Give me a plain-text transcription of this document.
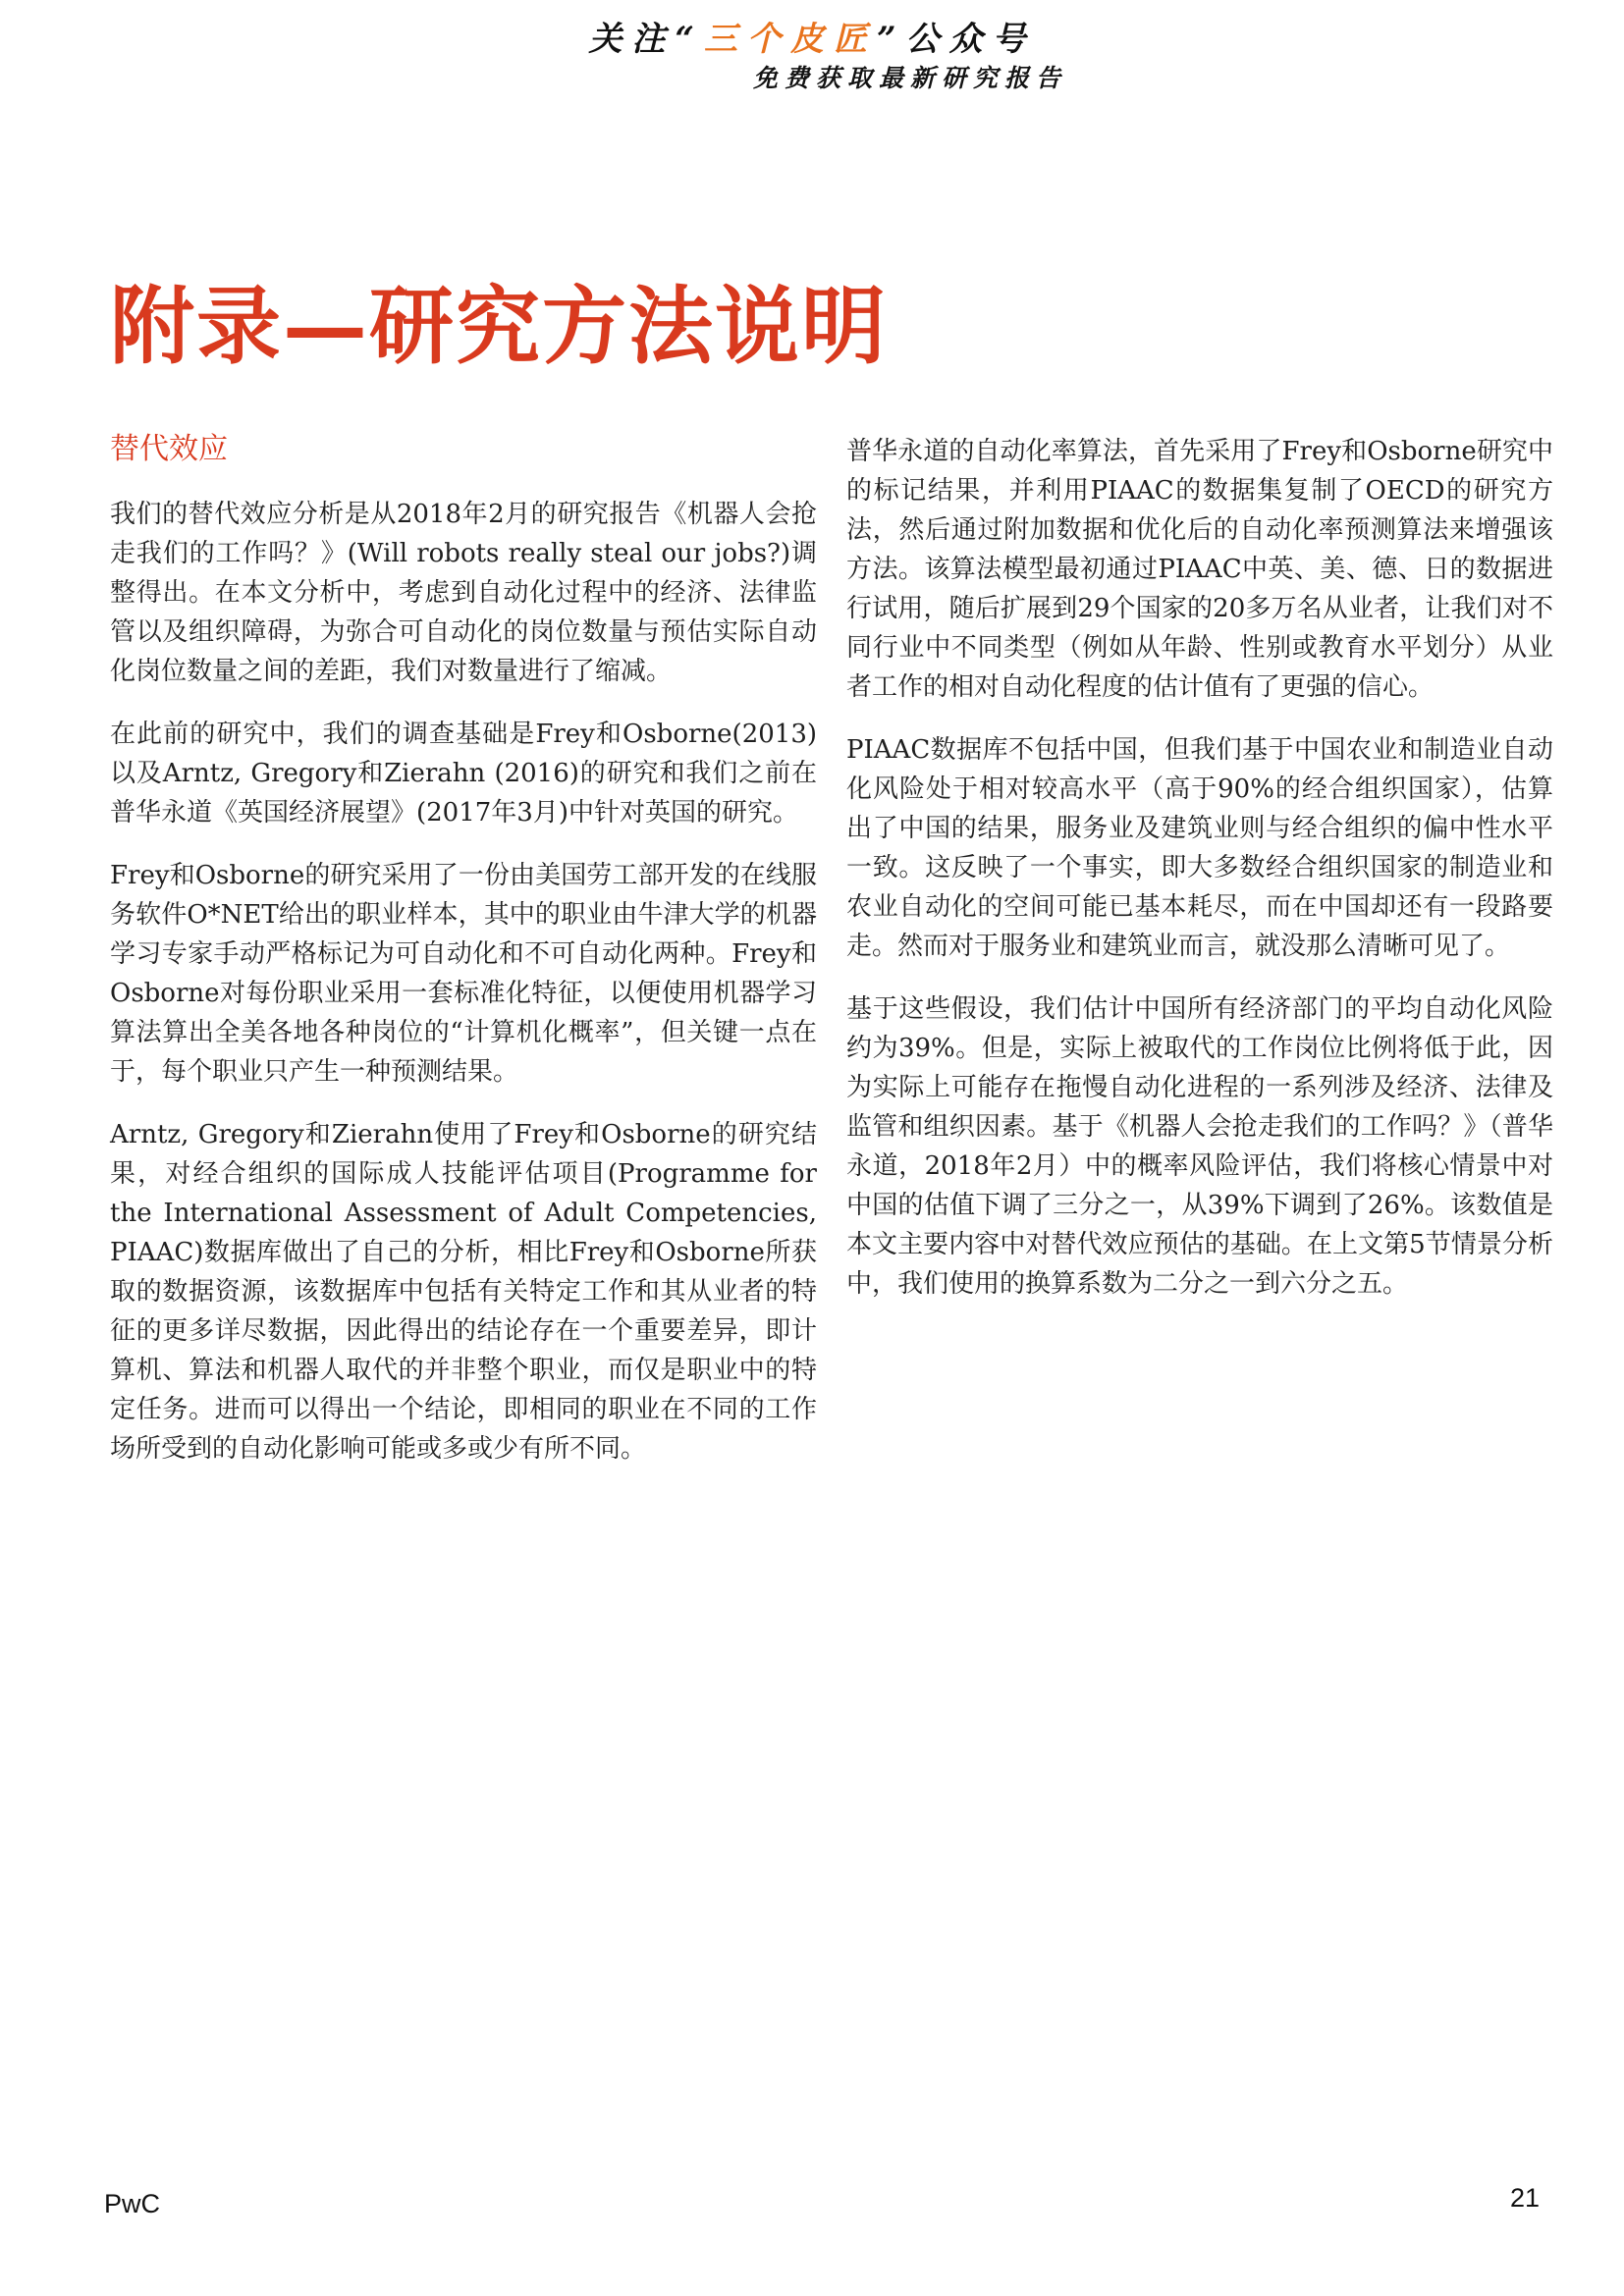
关注“三个皮匠”公众号
免费获取最新研究报告
附录—研究方法说明
替代效应

我们的替代效应分析是从2018年2月的研究报告《机器人会抢走我们的工作吗？》(Will robots really steal our jobs?)调整得出。在本文分析中，考虑到自动化过程中的经济、法律监管以及组织障碍，为弥合可自动化的岗位数量与预估实际自动化岗位数量之间的差距，我们对数量进行了缩减。

在此前的研究中，我们的调查基础是Frey和Osborne(2013)以及Arntz, Gregory和Zierahn (2016)的研究和我们之前在普华永道《英国经济展望》(2017年3月)中针对英国的研究。

Frey和Osborne的研究采用了一份由美国劳工部开发的在线服务软件O*NET给出的职业样本，其中的职业由牛津大学的机器学习专家手动严格标记为可自动化和不可自动化两种。Frey和Osborne对每份职业采用一套标准化特征，以便使用机器学习算法算出全美各地各种岗位的“计算机化概率”，但关键一点在于，每个职业只产生一种预测结果。

Arntz, Gregory和Zierahn使用了Frey和Osborne的研究结果，对经合组织的国际成人技能评估项目(Programme for the International Assessment of Adult Competencies, PIAAC)数据库做出了自己的分析，相比Frey和Osborne所获取的数据资源，该数据库中包括有关特定工作和其从业者的特征的更多详尽数据，因此得出的结论存在一个重要差异，即计算机、算法和机器人取代的并非整个职业，而仅是职业中的特定任务。进而可以得出一个结论，即相同的职业在不同的工作场所受到的自动化影响可能或多或少有所不同。

普华永道的自动化率算法，首先采用了Frey和Osborne研究中的标记结果，并利用PIAAC的数据集复制了OECD的研究方法，然后通过附加数据和优化后的自动化率预测算法来增强该方法。该算法模型最初通过PIAAC中英、美、德、日的数据进行试用，随后扩展到29个国家的20多万名从业者，让我们对不同行业中不同类型（例如从年龄、性别或教育水平划分）从业者工作的相对自动化程度的估计值有了更强的信心。

PIAAC数据库不包括中国，但我们基于中国农业和制造业自动化风险处于相对较高水平（高于90%的经合组织国家），估算出了中国的结果，服务业及建筑业则与经合组织的偏中性水平一致。这反映了一个事实，即大多数经合组织国家的制造业和农业自动化的空间可能已基本耗尽，而在中国却还有一段路要走。然而对于服务业和建筑业而言，就没那么清晰可见了。

基于这些假设，我们估计中国所有经济部门的平均自动化风险约为39%。但是，实际上被取代的工作岗位比例将低于此，因为实际上可能存在拖慢自动化进程的一系列涉及经济、法律及监管和组织因素。基于《机器人会抢走我们的工作吗？》（普华永道，2018年2月）中的概率风险评估，我们将核心情景中对中国的估值下调了三分之一，从39%下调到了26%。该数值是本文主要内容中对替代效应预估的基础。在上文第5节情景分析中，我们使用的换算系数为二分之一到六分之五。

PwC	21
